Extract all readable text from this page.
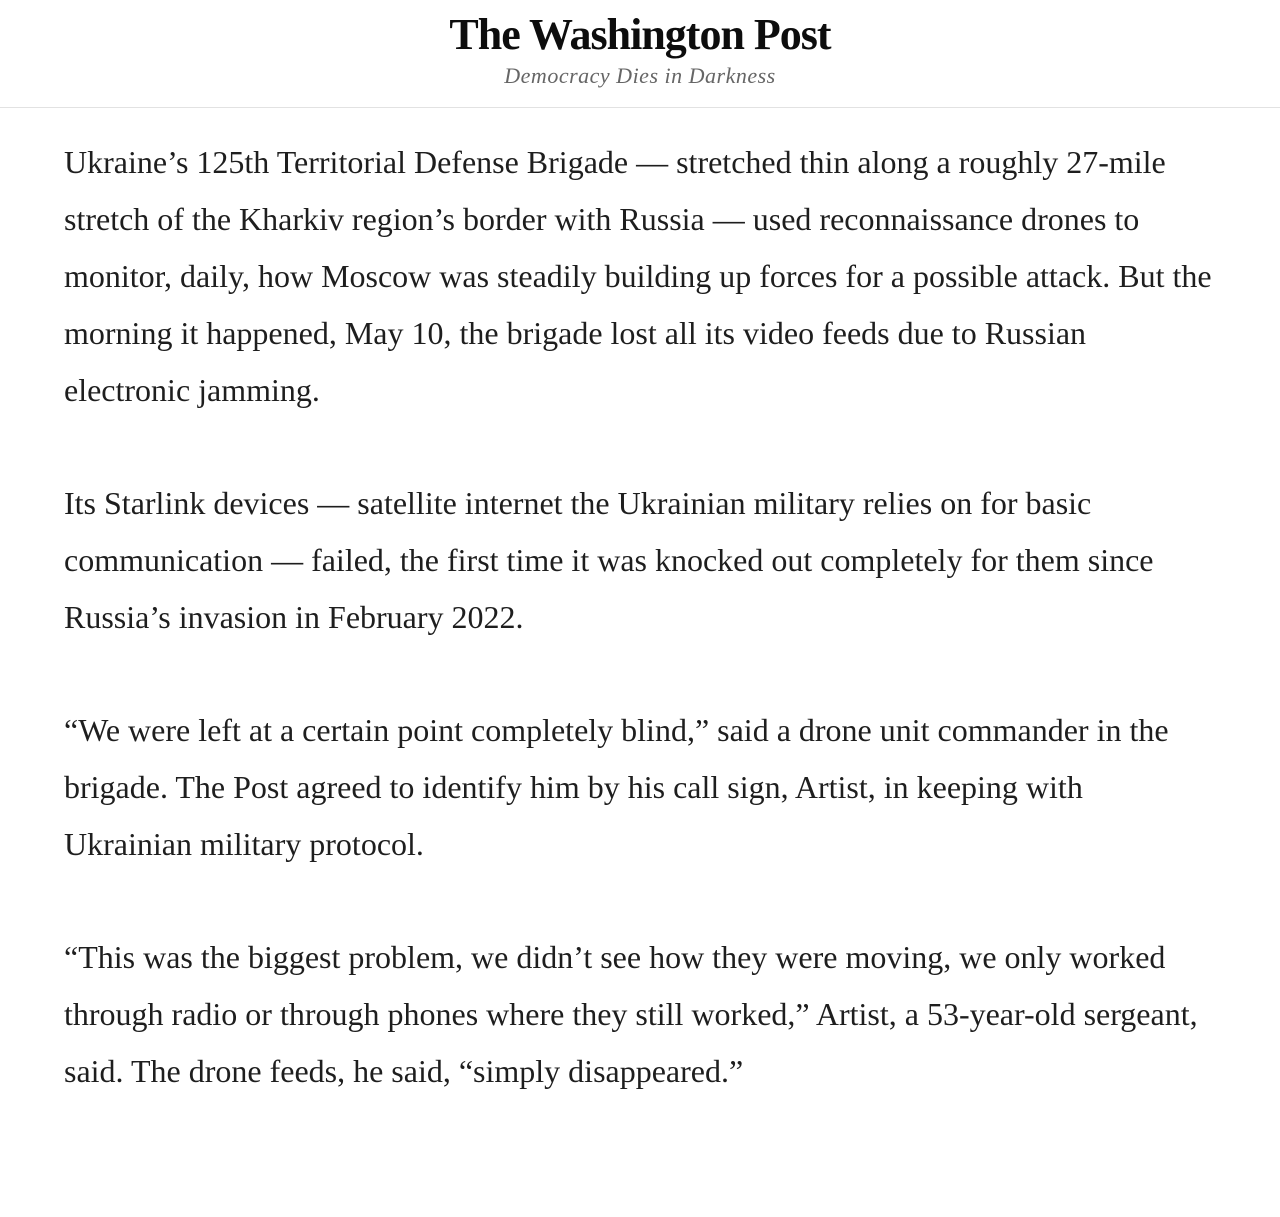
The Washington Post
Democracy Dies in Darkness

Ukraine’s 125th Territorial Defense Brigade — stretched thin along a roughly 27-mile stretch of the Kharkiv region’s border with Russia — used reconnaissance drones to monitor, daily, how Moscow was steadily building up forces for a possible attack. But the morning it happened, May 10, the brigade lost all its video feeds due to Russian electronic jamming.

Its Starlink devices — satellite internet the Ukrainian military relies on for basic communication — failed, the first time it was knocked out completely for them since Russia’s invasion in February 2022.

“We were left at a certain point completely blind,” said a drone unit commander in the brigade. The Post agreed to identify him by his call sign, Artist, in keeping with Ukrainian military protocol.

“This was the biggest problem, we didn’t see how they were moving, we only worked through radio or through phones where they still worked,” Artist, a 53-year-old sergeant, said. The drone feeds, he said, “simply disappeared.”
